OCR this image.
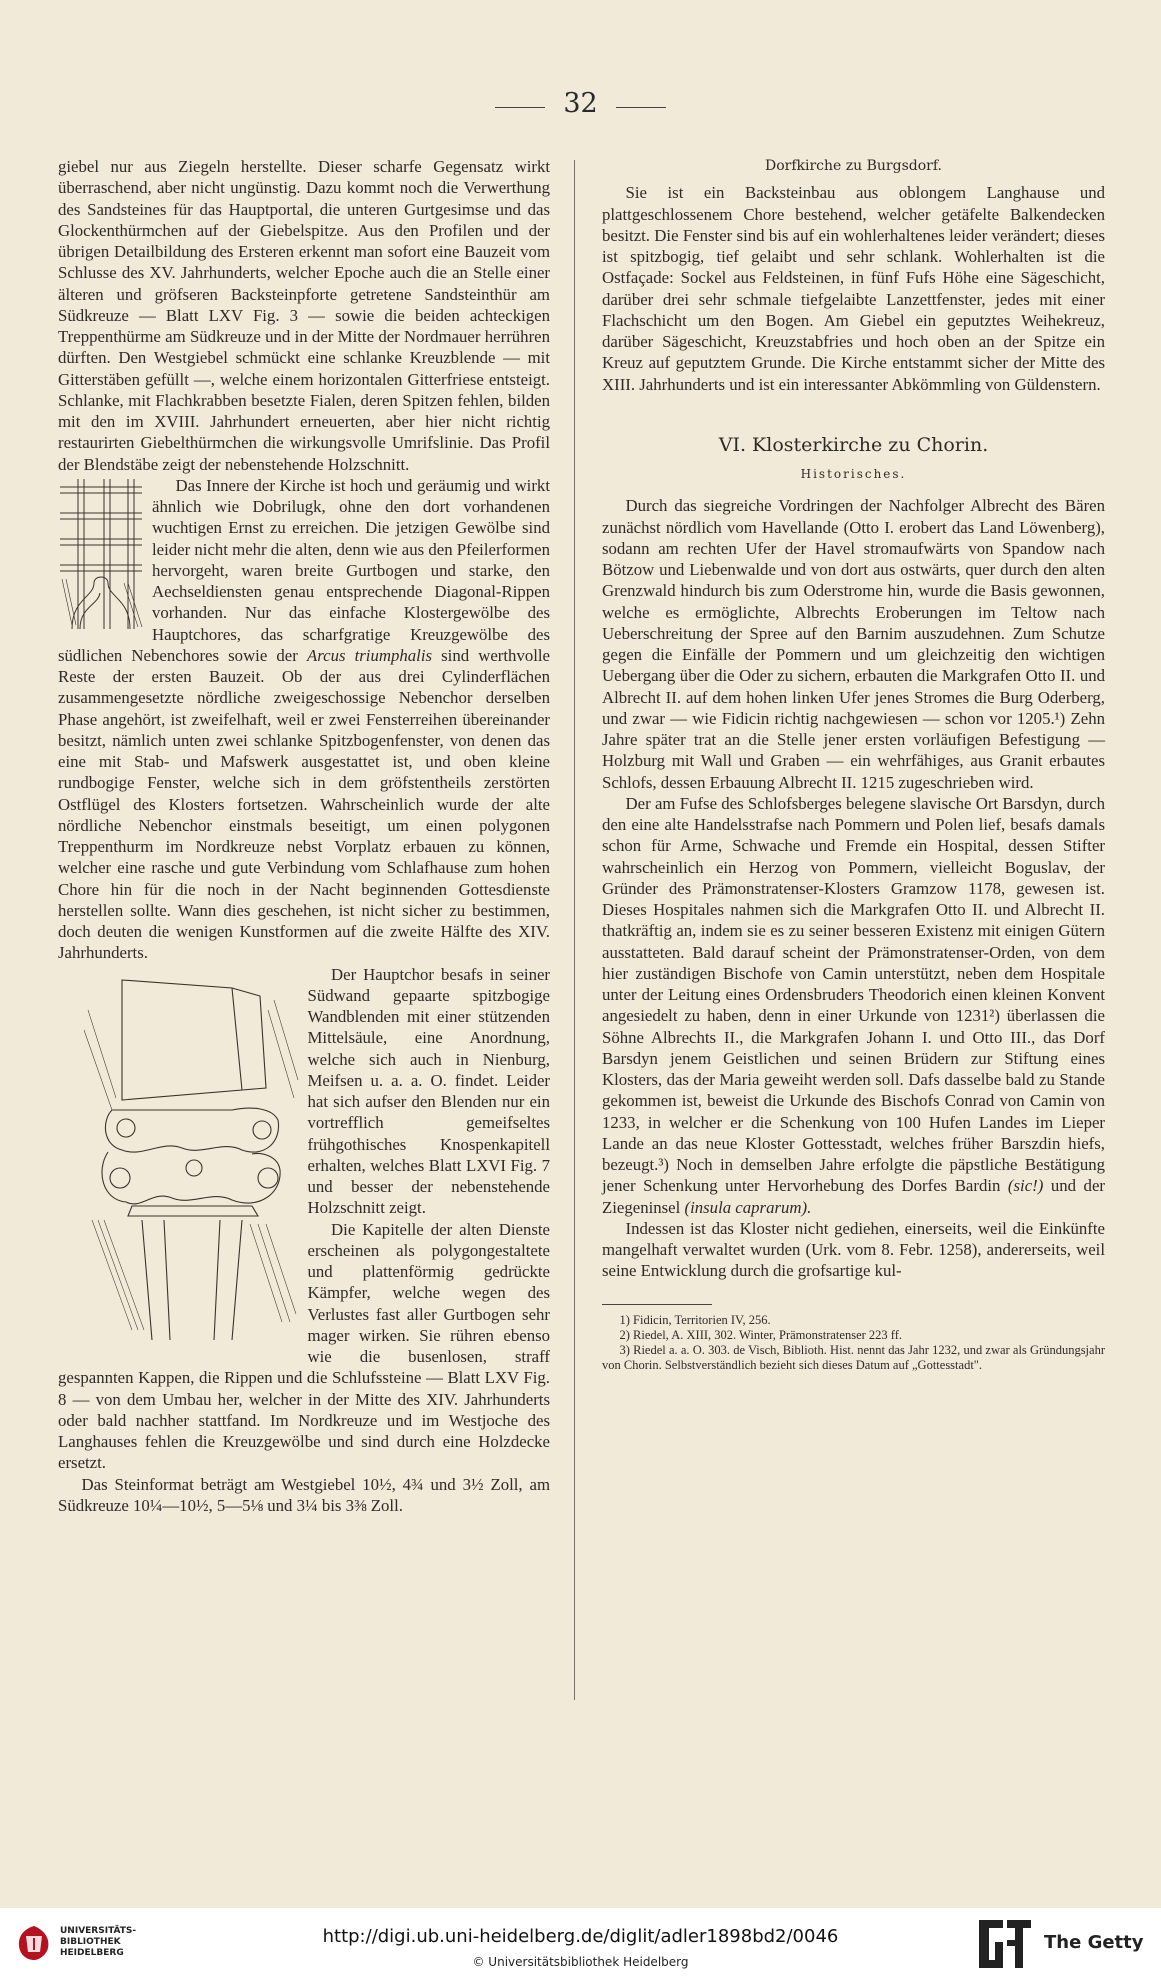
32

giebel nur aus Ziegeln herstellte. Dieser scharfe Gegensatz wirkt überraschend, aber nicht ungünstig. Dazu kommt noch die Verwerthung des Sandsteines für das Hauptportal, die unteren Gurtgesimse und das Glockenthürmchen auf der Giebelspitze. Aus den Profilen und der übrigen Detailbildung des Ersteren erkennt man sofort eine Bauzeit vom Schlusse des XV. Jahrhunderts, welcher Epoche auch die an Stelle einer älteren und gröfseren Backsteinpforte getretene Sandsteinthür am Südkreuze — Blatt LXV Fig. 3 — sowie die beiden achteckigen Treppenthürme am Südkreuze und in der Mitte der Nordmauer herrühren dürften. Den Westgiebel schmückt eine schlanke Kreuzblende — mit Gitterstäben gefüllt —, welche einem horizontalen Gitterfriese entsteigt. Schlanke, mit Flachkrabben besetzte Fialen, deren Spitzen fehlen, bilden mit den im XVIII. Jahrhundert erneuerten, aber hier nicht richtig restaurirten Giebelthürmchen die wirkungsvolle Umrifslinie. Das Profil der Blendstäbe zeigt der nebenstehende Holzschnitt.

Das Innere der Kirche ist hoch und geräumig und wirkt ähnlich wie Dobrilugk, ohne den dort vorhandenen wuchtigen Ernst zu erreichen. Die jetzigen Gewölbe sind leider nicht mehr die alten, denn wie aus den Pfeilerformen hervorgeht, waren breite Gurtbogen und starke, den Aechseldiensten genau entsprechende Diagonal-Rippen vorhanden. Nur das einfache Klostergewölbe des Hauptchores, das scharfgratige Kreuzgewölbe des südlichen Nebenchores sowie der Arcus triumphalis sind werthvolle Reste der ersten Bauzeit. Ob der aus drei Cylinderflächen zusammengesetzte nördliche zweigeschossige Nebenchor derselben Phase angehört, ist zweifelhaft, weil er zwei Fensterreihen übereinander besitzt, nämlich unten zwei schlanke Spitzbogenfenster, von denen das eine mit Stab- und Mafswerk ausgestattet ist, und oben kleine rundbogige Fenster, welche sich in dem gröfstentheils zerstörten Ostflügel des Klosters fortsetzen. Wahrscheinlich wurde der alte nördliche Nebenchor einstmals beseitigt, um einen polygonen Treppenthurm im Nordkreuze nebst Vorplatz erbauen zu können, welcher eine rasche und gute Verbindung vom Schlafhause zum hohen Chore hin für die noch in der Nacht beginnenden Gottesdienste herstellen sollte. Wann dies geschehen, ist nicht sicher zu bestimmen, doch deuten die wenigen Kunstformen auf die zweite Hälfte des XIV. Jahrhunderts.

Der Hauptchor besafs in seiner Südwand gepaarte spitzbogige Wandblenden mit einer stützenden Mittelsäule, eine Anordnung, welche sich auch in Nienburg, Meifsen u. a. a. O. findet. Leider hat sich aufser den Blenden nur ein vortrefflich gemeifseltes frühgothisches Knospenkapitell erhalten, welches Blatt LXVI Fig. 7 und besser der nebenstehende Holzschnitt zeigt.

Die Kapitelle der alten Dienste erscheinen als polygongestaltete und plattenförmig gedrückte Kämpfer, welche wegen des Verlustes fast aller Gurtbogen sehr mager wirken. Sie rühren ebenso wie die busenlosen, straff gespannten Kappen, die Rippen und die Schlufssteine — Blatt LXV Fig. 8 — von dem Umbau her, welcher in der Mitte des XIV. Jahrhunderts oder bald nachher stattfand. Im Nordkreuze und im Westjoche des Langhauses fehlen die Kreuzgewölbe und sind durch eine Holzdecke ersetzt.

Das Steinformat beträgt am Westgiebel 10½, 4¾ und 3½ Zoll, am Südkreuze 10¼—10½, 5—5⅛ und 3¼ bis 3⅜ Zoll.

Dorfkirche zu Burgsdorf.

Sie ist ein Backsteinbau aus oblongem Langhause und plattgeschlossenem Chore bestehend, welcher getäfelte Balkendecken besitzt. Die Fenster sind bis auf ein wohlerhaltenes leider verändert; dieses ist spitzbogig, tief gelaibt und sehr schlank. Wohlerhalten ist die Ostfaçade: Sockel aus Feldsteinen, in fünf Fufs Höhe eine Sägeschicht, darüber drei sehr schmale tiefgelaibte Lanzettfenster, jedes mit einer Flachschicht um den Bogen. Am Giebel ein geputztes Weihekreuz, darüber Sägeschicht, Kreuzstabfries und hoch oben an der Spitze ein Kreuz auf geputztem Grunde. Die Kirche entstammt sicher der Mitte des XIII. Jahrhunderts und ist ein interessanter Abkömmling von Güldenstern.

VI. Klosterkirche zu Chorin.
Historisches.

Durch das siegreiche Vordringen der Nachfolger Albrecht des Bären zunächst nördlich vom Havellande (Otto I. erobert das Land Löwenberg), sodann am rechten Ufer der Havel stromaufwärts von Spandow nach Bötzow und Liebenwalde und von dort aus ostwärts, quer durch den alten Grenzwald hindurch bis zum Oderstrome hin, wurde die Basis gewonnen, welche es ermöglichte, Albrechts Eroberungen im Teltow nach Ueberschreitung der Spree auf den Barnim auszudehnen. Zum Schutze gegen die Einfälle der Pommern und um gleichzeitig den wichtigen Uebergang über die Oder zu sichern, erbauten die Markgrafen Otto II. und Albrecht II. auf dem hohen linken Ufer jenes Stromes die Burg Oderberg, und zwar — wie Fidicin richtig nachgewiesen — schon vor 1205.¹) Zehn Jahre später trat an die Stelle jener ersten vorläufigen Befestigung — Holzburg mit Wall und Graben — ein wehrfähiges, aus Granit erbautes Schlofs, dessen Erbauung Albrecht II. 1215 zugeschrieben wird.

Der am Fufse des Schlofsberges belegene slavische Ort Barsdyn, durch den eine alte Handelsstrafse nach Pommern und Polen lief, besafs damals schon für Arme, Schwache und Fremde ein Hospital, dessen Stifter wahrscheinlich ein Herzog von Pommern, vielleicht Boguslav, der Gründer des Prämonstratenser-Klosters Gramzow 1178, gewesen ist. Dieses Hospitales nahmen sich die Markgrafen Otto II. und Albrecht II. thatkräftig an, indem sie es zu seiner besseren Existenz mit einigen Gütern ausstatteten. Bald darauf scheint der Prämonstratenser-Orden, von dem hier zuständigen Bischofe von Camin unterstützt, neben dem Hospitale unter der Leitung eines Ordensbruders Theodorich einen kleinen Konvent angesiedelt zu haben, denn in einer Urkunde von 1231²) überlassen die Söhne Albrechts II., die Markgrafen Johann I. und Otto III., das Dorf Barsdyn jenem Geistlichen und seinen Brüdern zur Stiftung eines Klosters, das der Maria geweiht werden soll. Dafs dasselbe bald zu Stande gekommen ist, beweist die Urkunde des Bischofs Conrad von Camin von 1233, in welcher er die Schenkung von 100 Hufen Landes im Lieper Lande an das neue Kloster Gottesstadt, welches früher Barszdin hiefs, bezeugt.³) Noch in demselben Jahre erfolgte die päpstliche Bestätigung jener Schenkung unter Hervorhebung des Dorfes Bardin (sic!) und der Ziegeninsel (insula caprarum).

Indessen ist das Kloster nicht gediehen, einerseits, weil die Einkünfte mangelhaft verwaltet wurden (Urk. vom 8. Febr. 1258), andererseits, weil seine Entwicklung durch die grofsartige kul-

1) Fidicin, Territorien IV, 256.
2) Riedel, A. XIII, 302. Winter, Prämonstratenser 223 ff.
3) Riedel a. a. O. 303. de Visch, Biblioth. Hist. nennt das Jahr 1232, und zwar als Gründungsjahr von Chorin. Selbstverständlich bezieht sich dieses Datum auf „Gottesstadt".
UNIVERSITÄTS-
BIBLIOTHEK
HEIDELBERG
http://digi.ub.uni-heidelberg.de/diglit/adler1898bd2/0046
© Universitätsbibliothek Heidelberg
The Getty
